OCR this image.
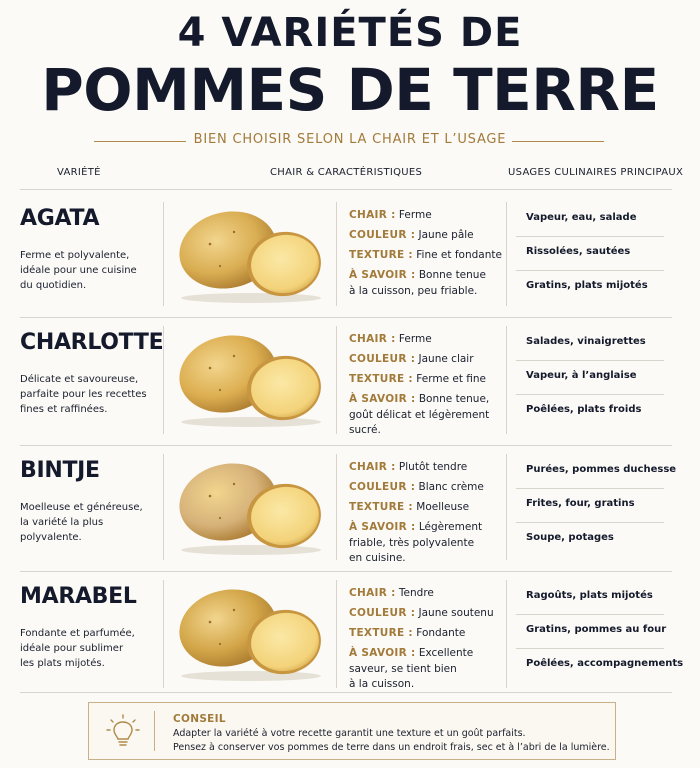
4 VARIÉTÉS DE
POMMES DE TERRE
BIEN CHOISIR SELON LA CHAIR ET L’USAGE
VARIÉTÉ	CHAIR & CARACTÉRISTIQUES	USAGES CULINAIRES PRINCIPAUX
AGATA
Ferme et polyvalente,
idéale pour une cuisine
du quotidien.
CHAIR : Ferme
COULEUR : Jaune pâle
TEXTURE : Fine et fondante
À SAVOIR : Bonne tenue
à la cuisson, peu friable.
Vapeur, eau, salade
Rissolées, sautées
Gratins, plats mijotés
CHARLOTTE
Délicate et savoureuse,
parfaite pour les recettes
fines et raffinées.
CHAIR : Ferme
COULEUR : Jaune clair
TEXTURE : Ferme et fine
À SAVOIR : Bonne tenue,
goût délicat et légèrement
sucré.
Salades, vinaigrettes
Vapeur, à l’anglaise
Poêlées, plats froids
BINTJE
Moelleuse et généreuse,
la variété la plus
polyvalente.
CHAIR : Plutôt tendre
COULEUR : Blanc crème
TEXTURE : Moelleuse
À SAVOIR : Légèrement
friable, très polyvalente
en cuisine.
Purées, pommes duchesse
Frites, four, gratins
Soupe, potages
MARABEL
Fondante et parfumée,
idéale pour sublimer
les plats mijotés.
CHAIR : Tendre
COULEUR : Jaune soutenu
TEXTURE : Fondante
À SAVOIR : Excellente
saveur, se tient bien
à la cuisson.
Ragoûts, plats mijotés
Gratins, pommes au four
Poêlées, accompagnements
CONSEIL
Adapter la variété à votre recette garantit une texture et un goût parfaits.
Pensez à conserver vos pommes de terre dans un endroit frais, sec et à l’abri de la lumière.
